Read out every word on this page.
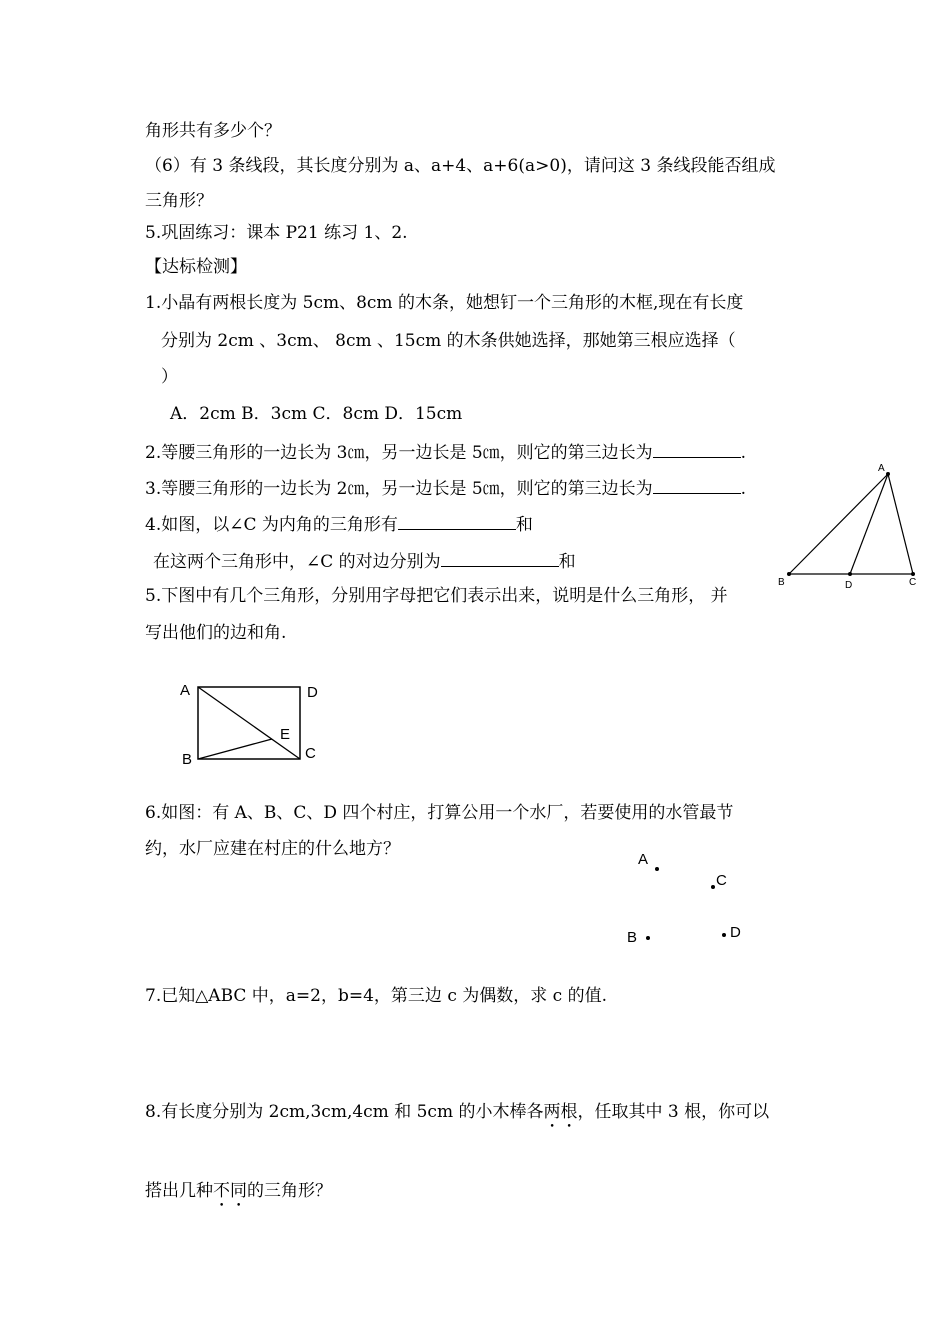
角形共有多少个？
（6）有 3 条线段，其长度分别为 a、a+4、a+6(a>0)，请问这 3 条线段能否组成
三角形？
5.巩固练习：课本 P21 练习 1、2.
【达标检测】
1.小晶有两根长度为 5cm、8cm 的木条，她想钉一个三角形的木框,现在有长度
分别为 2cm 、3cm、 8cm 、15cm 的木条供她选择，那她第三根应选择（
）
A．2cm B．3cm C．8cm D．15cm
2.等腰三角形的一边长为 3㎝，另一边长是 5㎝，则它的第三边长为	.
3.等腰三角形的一边长为 2㎝，另一边长是 5㎝，则它的第三边长为	.
4.如图，以∠C 为内角的三角形有	和
在这两个三角形中，∠C 的对边分别为	和
5.下图中有几个三角形，分别用字母把它们表示出来，说明是什么三角形， 并
写出他们的边和角.
6.如图：有 A、B、C、D 四个村庄，打算公用一个水厂，若要使用的水管最节
约，水厂应建在村庄的什么地方？
7.已知△ABC 中，a=2，b=4，第三边 c 为偶数，求 c 的值.
8.有长度分别为 2cm,3cm,4cm 和 5cm 的小木棒各两根，任取其中 3 根，你可以
搭出几种不同的三角形？
A
B	D	C
A	D
B	C
E
A
C
B	D
